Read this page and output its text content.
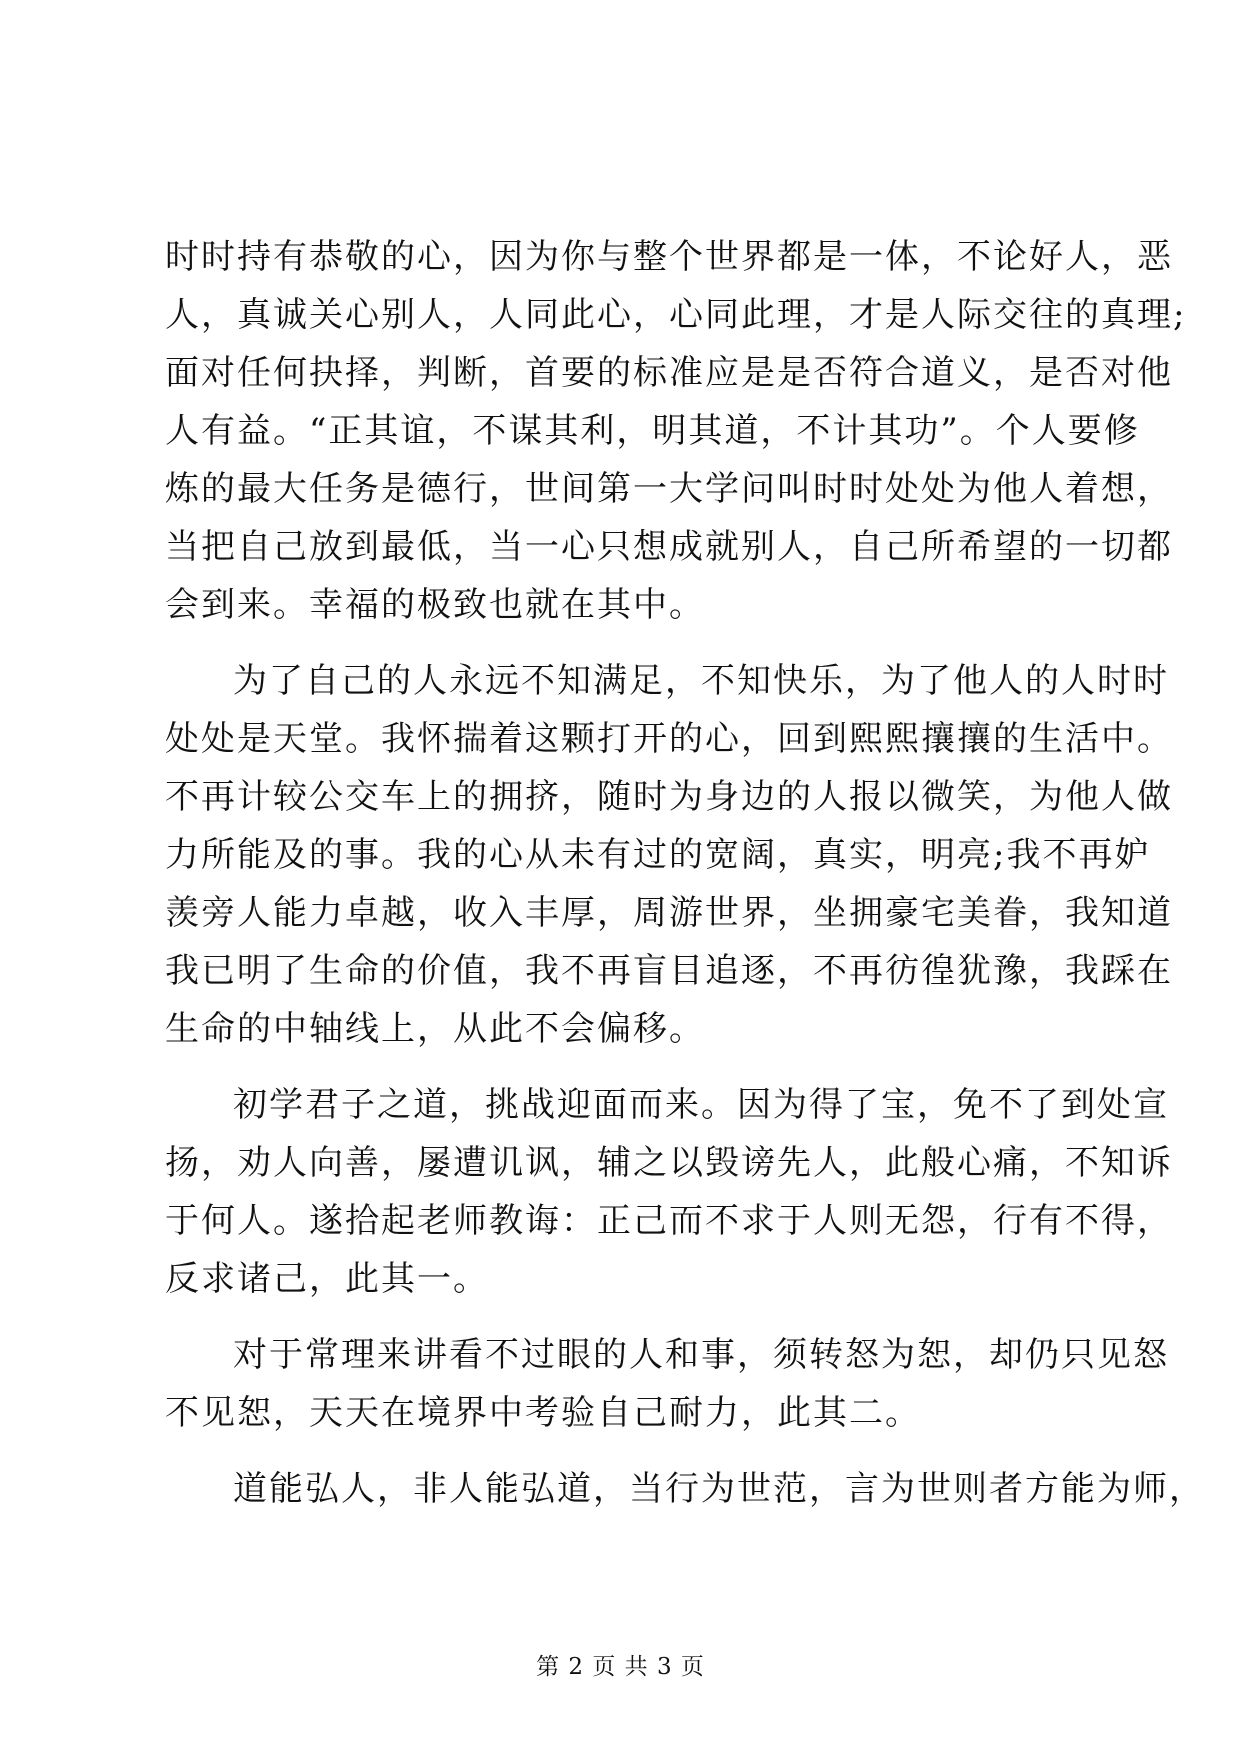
时时持有恭敬的心，因为你与整个世界都是一体，不论好人，恶
人，真诚关心别人，人同此心，心同此理，才是人际交往的真理;
面对任何抉择，判断，首要的标准应是是否符合道义，是否对他
人有益。“正其谊，不谋其利，明其道，不计其功”。个人要修
炼的最大任务是德行，世间第一大学问叫时时处处为他人着想，
当把自己放到最低，当一心只想成就别人，自己所希望的一切都
会到来。幸福的极致也就在其中。
为了自己的人永远不知满足，不知快乐，为了他人的人时时
处处是天堂。我怀揣着这颗打开的心，回到熙熙攘攘的生活中。
不再计较公交车上的拥挤，随时为身边的人报以微笑，为他人做
力所能及的事。我的心从未有过的宽阔，真实，明亮;我不再妒
羡旁人能力卓越，收入丰厚，周游世界，坐拥豪宅美眷，我知道
我已明了生命的价值，我不再盲目追逐，不再彷徨犹豫，我踩在
生命的中轴线上，从此不会偏移。
初学君子之道，挑战迎面而来。因为得了宝，免不了到处宣
扬，劝人向善，屡遭讥讽，辅之以毁谤先人，此般心痛，不知诉
于何人。遂拾起老师教诲：正己而不求于人则无怨，行有不得，
反求诸己，此其一。
对于常理来讲看不过眼的人和事，须转怒为恕，却仍只见怒
不见恕，天天在境界中考验自己耐力，此其二。
道能弘人，非人能弘道，当行为世范，言为世则者方能为师，
第 2 页 共 3 页
